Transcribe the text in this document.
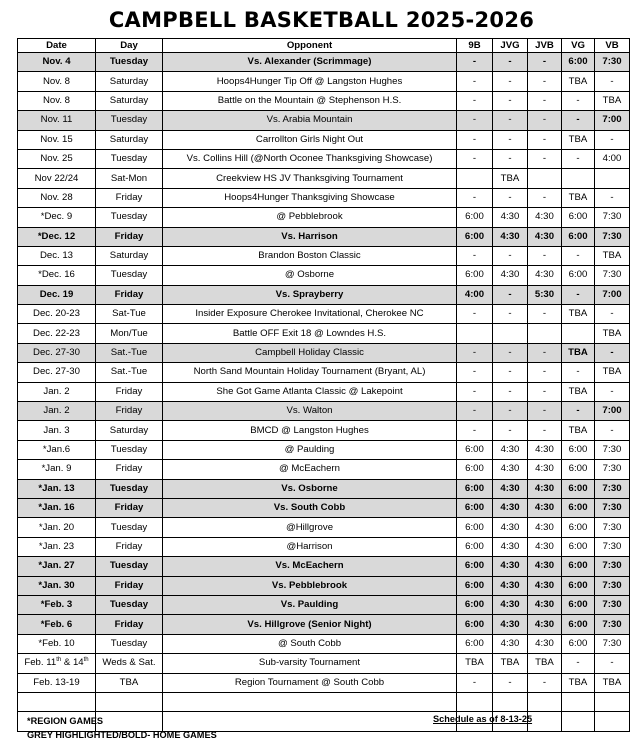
CAMPBELL BASKETBALL 2025-2026
Date	Day	Opponent	9B	JVG	JVB	VG	VB
Nov. 4	Tuesday	Vs. Alexander (Scrimmage)	-	-	-	6:00	7:30
Nov. 8	Saturday	Hoops4Hunger Tip Off @ Langston Hughes	-	-	-	TBA	-
Nov. 8	Saturday	Battle on the Mountain @ Stephenson H.S.	-	-	-	-	TBA
Nov. 11	Tuesday	Vs. Arabia Mountain	-	-	-	-	7:00
Nov. 15	Saturday	Carrollton Girls Night Out	-	-	-	TBA	-
Nov. 25	Tuesday	Vs. Collins Hill (@North Oconee Thanksgiving Showcase)	-	-	-	-	4:00
Nov 22/24	Sat-Mon	Creekview HS JV Thanksgiving Tournament		TBA			
Nov. 28	Friday	Hoops4Hunger Thanksgiving Showcase	-	-	-	TBA	-
*Dec. 9	Tuesday	@ Pebblebrook	6:00	4:30	4:30	6:00	7:30
*Dec. 12	Friday	Vs. Harrison	6:00	4:30	4:30	6:00	7:30
Dec. 13	Saturday	Brandon Boston Classic	-	-	-	-	TBA
*Dec. 16	Tuesday	@ Osborne	6:00	4:30	4:30	6:00	7:30
Dec. 19	Friday	Vs. Sprayberry	4:00	-	5:30	-	7:00
Dec. 20-23	Sat-Tue	Insider Exposure Cherokee Invitational, Cherokee NC	-	-	-	TBA	-
Dec. 22-23	Mon/Tue	Battle OFF Exit 18 @ Lowndes H.S.					TBA
Dec. 27-30	Sat.-Tue	Campbell Holiday Classic	-	-	-	TBA	-
Dec. 27-30	Sat.-Tue	North Sand Mountain Holiday Tournament (Bryant, AL)	-	-	-	-	TBA
Jan. 2	Friday	She Got Game Atlanta Classic @ Lakepoint	-	-	-	TBA	-
Jan. 2	Friday	Vs. Walton	-	-	-	-	7:00
Jan. 3	Saturday	BMCD @ Langston Hughes	-	-	-	TBA	-
*Jan.6	Tuesday	@ Paulding	6:00	4:30	4:30	6:00	7:30
*Jan. 9	Friday	@ McEachern	6:00	4:30	4:30	6:00	7:30
*Jan. 13	Tuesday	Vs. Osborne	6:00	4:30	4:30	6:00	7:30
*Jan. 16	Friday	Vs. South Cobb	6:00	4:30	4:30	6:00	7:30
*Jan. 20	Tuesday	@Hillgrove	6:00	4:30	4:30	6:00	7:30
*Jan. 23	Friday	@Harrison	6:00	4:30	4:30	6:00	7:30
*Jan. 27	Tuesday	Vs. McEachern	6:00	4:30	4:30	6:00	7:30
*Jan. 30	Friday	Vs. Pebblebrook	6:00	4:30	4:30	6:00	7:30
*Feb. 3	Tuesday	Vs. Paulding	6:00	4:30	4:30	6:00	7:30
*Feb. 6	Friday	Vs. Hillgrove (Senior Night)	6:00	4:30	4:30	6:00	7:30
*Feb. 10	Tuesday	@ South Cobb	6:00	4:30	4:30	6:00	7:30
Feb. 11th & 14th	Weds & Sat.	Sub-varsity Tournament	TBA	TBA	TBA	-	-
Feb. 13-19	TBA	Region Tournament @ South Cobb	-	-	-	TBA	TBA

*REGION GAMES
GREY HIGHLIGHTED/BOLD- HOME GAMES
Schedule as of 8-13-25
